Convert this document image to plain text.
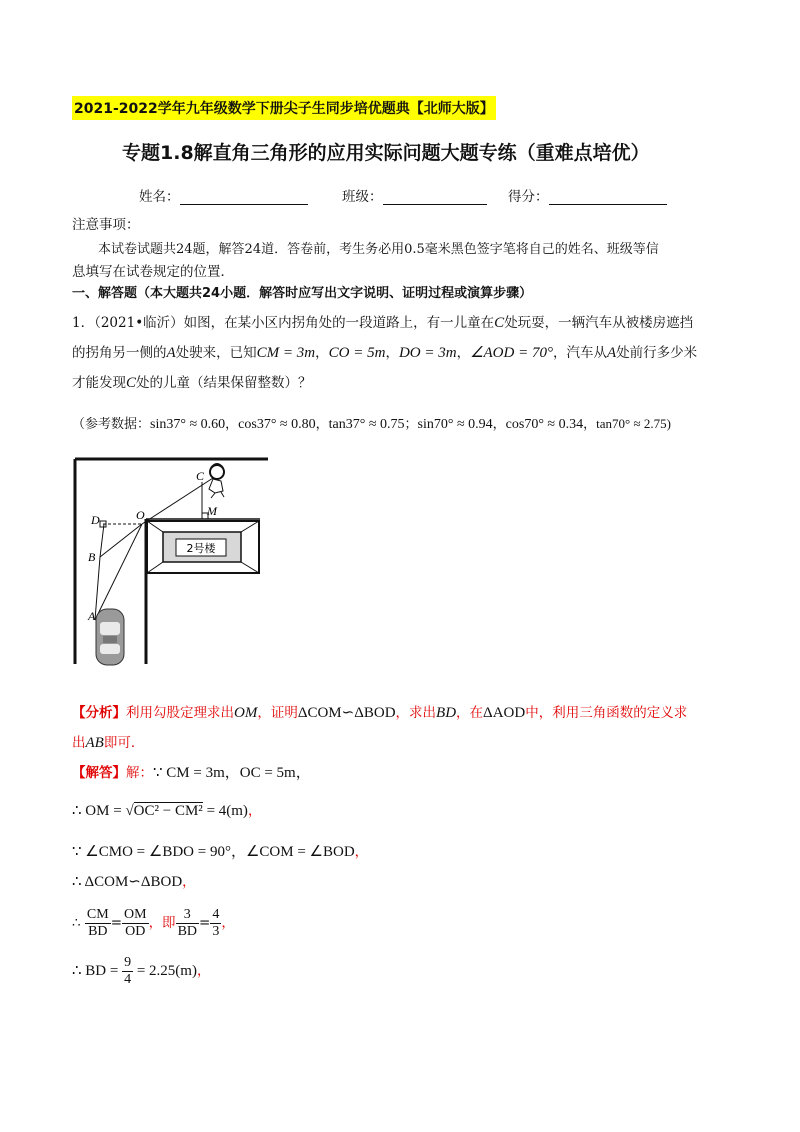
2021-2022学年九年级数学下册尖子生同步培优题典【北师大版】
专题1.8解直角三角形的应用实际问题大题专练（重难点培优）
姓名：	班级：	得分：
注意事项：
本试卷试题共24题，解答24道．答卷前，考生务必用0.5毫米黑色签字笔将自己的姓名、班级等信
息填写在试卷规定的位置．
一、解答题（本大题共24小题．解答时应写出文字说明、证明过程或演算步骤）
1．（2021•临沂）如图，在某小区内拐角处的一段道路上，有一儿童在C处玩耍，一辆汽车从被楼房遮挡
的拐角另一侧的A处驶来，已知CM = 3m，CO = 5m，DO = 3m，∠AOD = 70°，汽车从A处前行多少米
才能发现C处的儿童（结果保留整数）？
（参考数据：sin37° ≈ 0.60，cos37° ≈ 0.80，tan37° ≈ 0.75；sin70° ≈ 0.94，cos70° ≈ 0.34，tan70° ≈ 2.75)
2号楼
C
M
D	O
B
A
【分析】利用勾股定理求出OM，证明ΔCOM∽ΔBOD，求出BD，在ΔAOD中，利用三角函数的定义求
出AB即可．
【解答】解：∵ CM = 3m，OC = 5m，
∴ OM = √OC² − CM² = 4(m)，
∵ ∠CMO = ∠BDO = 90°，∠COM = ∠BOD，
∴ ΔCOM∽ΔBOD，
∴ $\frac{CM}{BD} = \frac{OM}{OD}$ ，即 $\frac{3}{BD} = \frac{4}{3}$ ，
∴ BD = $\frac{9}{4} = 2.25(m)$，
